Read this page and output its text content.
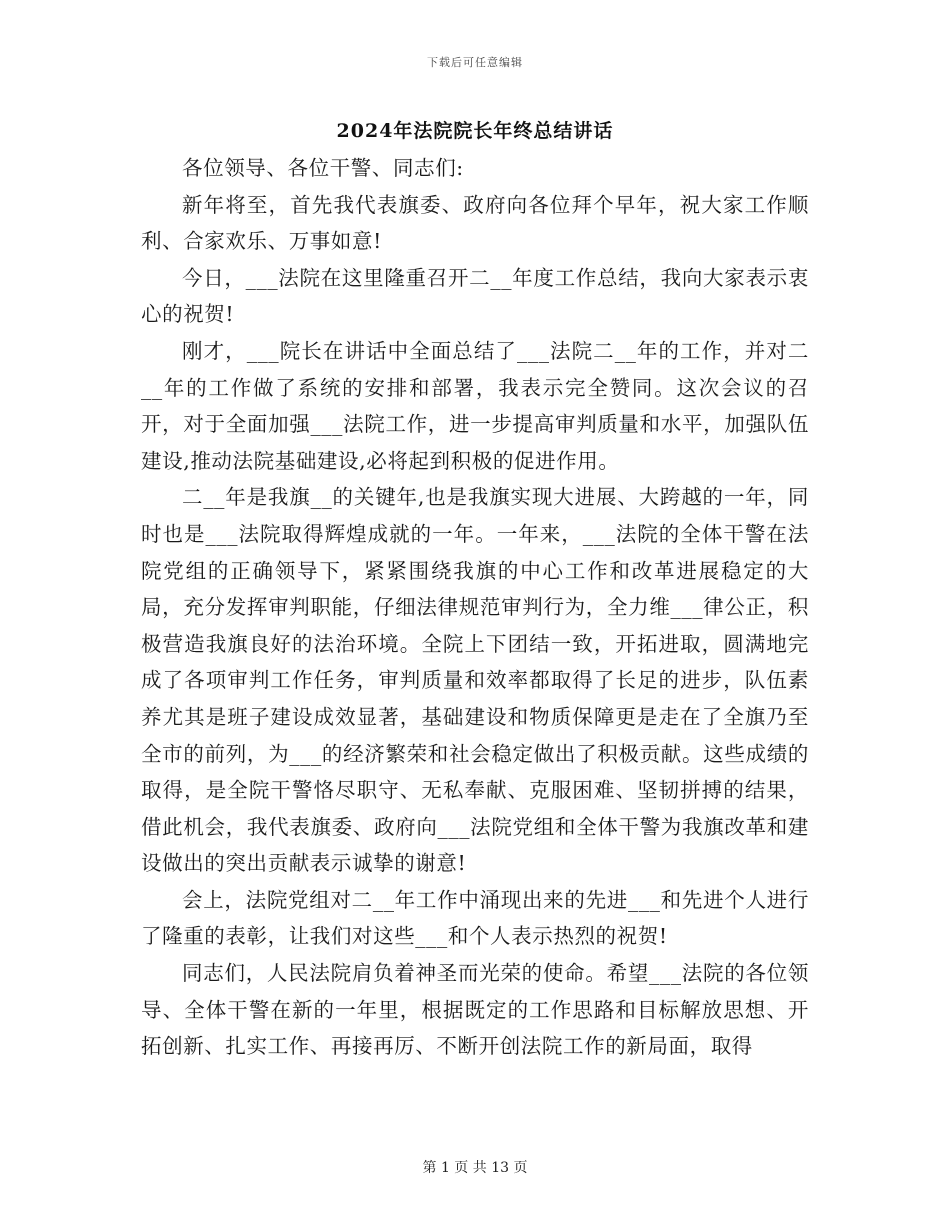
下载后可任意编辑
2024年法院院长年终总结讲话

各位领导、各位干警、同志们:

新年将至，首先我代表旗委、政府向各位拜个早年，祝大家工作顺利、合家欢乐、万事如意!

今日，___法院在这里隆重召开二__年度工作总结，我向大家表示衷心的祝贺!

刚才，___院长在讲话中全面总结了___法院二__年的工作，并对二__年的工作做了系统的安排和部署，我表示完全赞同。这次会议的召开，对于全面加强___法院工作，进一步提高审判质量和水平，加强队伍建设,推动法院基础建设,必将起到积极的促进作用。

二__年是我旗__的关键年,也是我旗实现大进展、大跨越的一年，同时也是___法院取得辉煌成就的一年。一年来，___法院的全体干警在法院党组的正确领导下，紧紧围绕我旗的中心工作和改革进展稳定的大局，充分发挥审判职能，仔细法律规范审判行为，全力维___律公正，积极营造我旗良好的法治环境。全院上下团结一致，开拓进取，圆满地完成了各项审判工作任务，审判质量和效率都取得了长足的进步，队伍素养尤其是班子建设成效显著，基础建设和物质保障更是走在了全旗乃至全市的前列，为___的经济繁荣和社会稳定做出了积极贡献。这些成绩的取得，是全院干警恪尽职守、无私奉献、克服困难、坚韧拼搏的结果，借此机会，我代表旗委、政府向___法院党组和全体干警为我旗改革和建设做出的突出贡献表示诚挚的谢意!

会上，法院党组对二__年工作中涌现出来的先进___和先进个人进行了隆重的表彰，让我们对这些___和个人表示热烈的祝贺!

同志们，人民法院肩负着神圣而光荣的使命。希望___法院的各位领导、全体干警在新的一年里，根据既定的工作思路和目标解放思想、开拓创新、扎实工作、再接再厉、不断开创法院工作的新局面，取得

第 1 页 共 13 页
